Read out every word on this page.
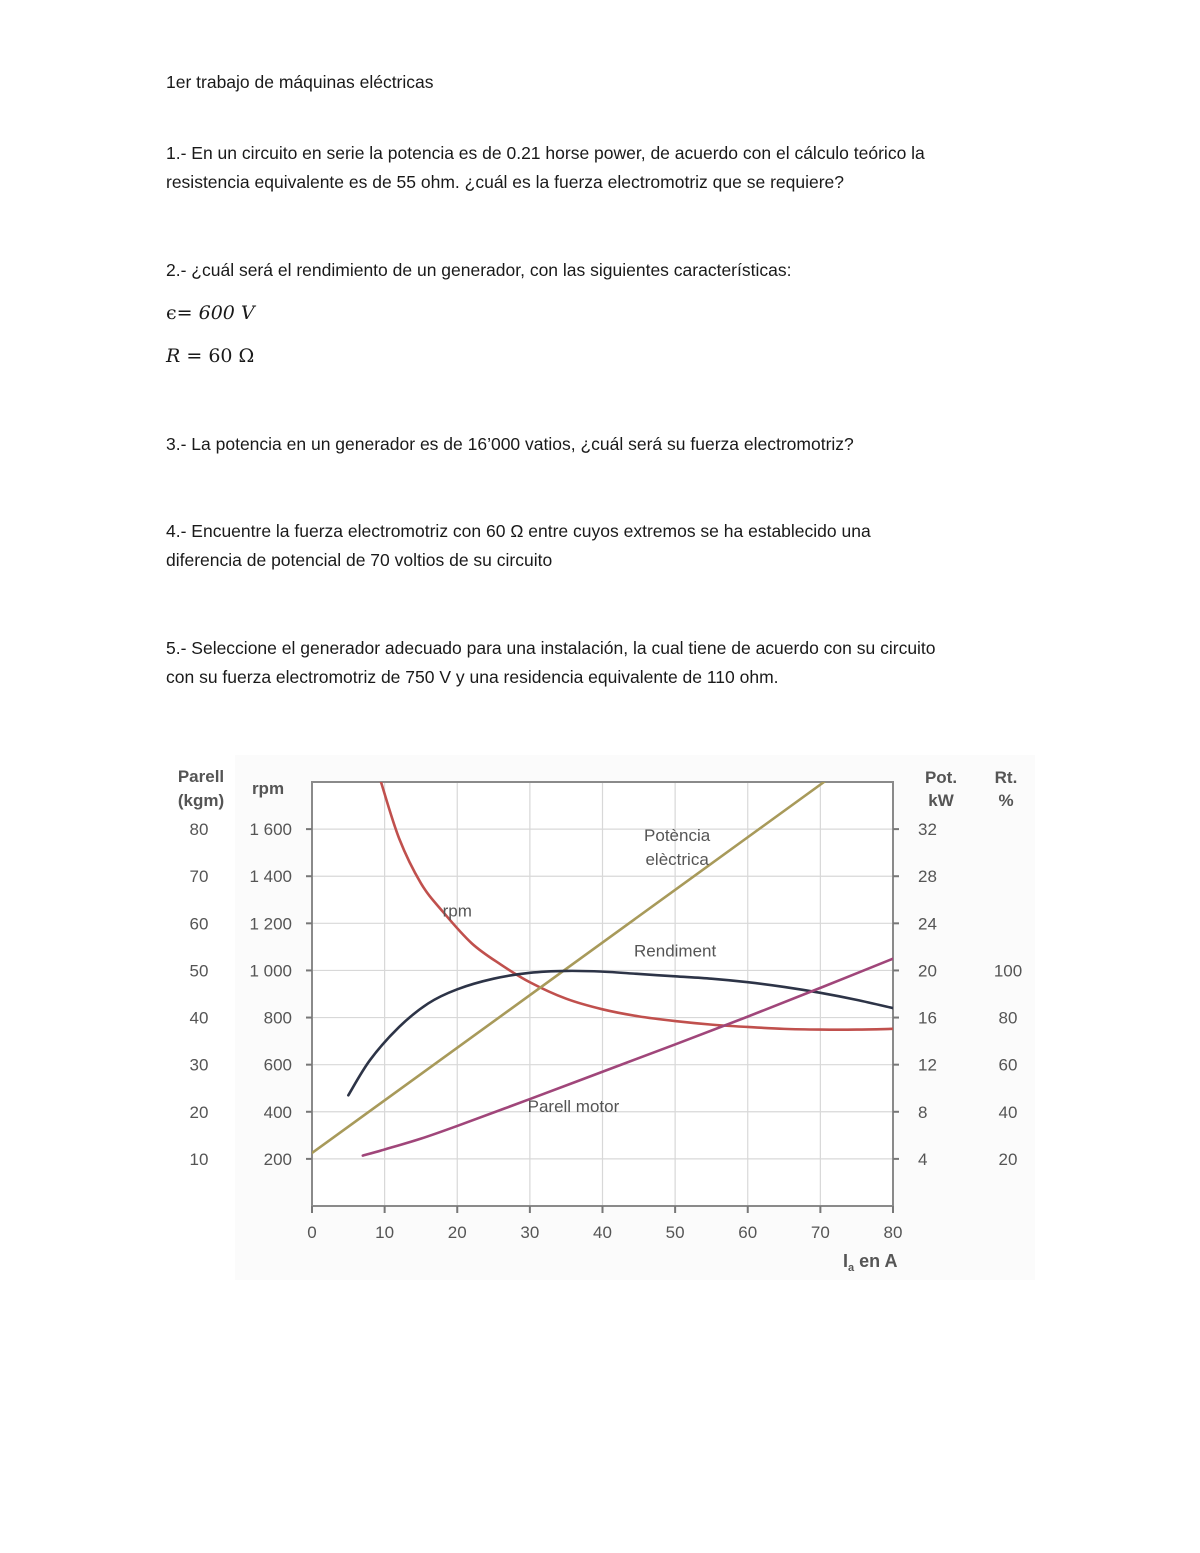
1er trabajo de máquinas eléctricas
1.- En un circuito en serie la potencia es de 0.21 horse power, de acuerdo con el cálculo teórico la
resistencia equivalente es de 55 ohm. ¿cuál es la fuerza electromotriz que se requiere?
2.- ¿cuál será el rendimiento de un generador, con las siguientes características:
ϵ= 600 V
R = 60 Ω
3.- La potencia en un generador es de 16’000 vatios, ¿cuál será su fuerza electromotriz?
4.- Encuentre la fuerza electromotriz con 60 Ω entre cuyos extremos se ha establecido una
diferencia de potencial de 70 voltios de su circuito
5.- Seleccione el generador adecuado para una instalación, la cual tiene de acuerdo con su circuito
con su fuerza electromotriz de 750 V y una residencia equivalente de 110 ohm.
0	10	20	30	40	50	60	70	80
$I_a$ en A
Parell
(kgm)
80
70
60
50
40
30
20
10
rpm
1 600
1 400
1 200
1 000
800
600
400
200
Pot.
kW
32
28
24
20
16
12
8
4
Rt.
%
100
80
60
40
20
rpm
Potència
elèctrica
Rendiment
Parell motor
